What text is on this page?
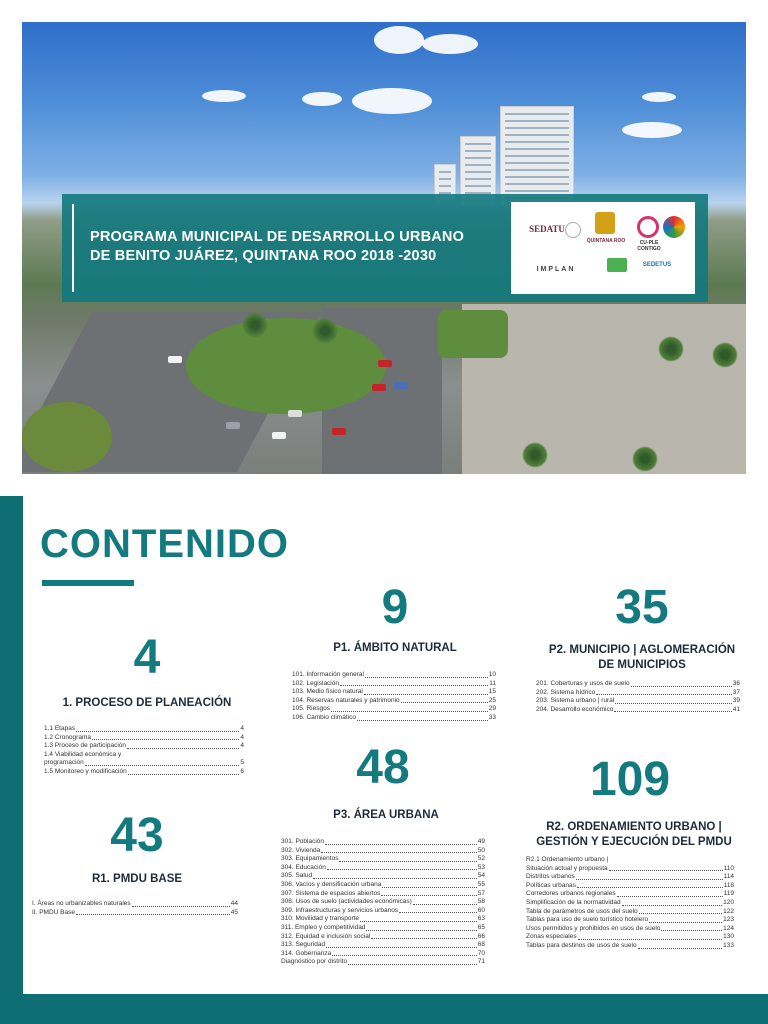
PROGRAMA MUNICIPAL DE DESARROLLO URBANO
DE BENITO JUÁREZ, QUINTANA ROO 2018 -2030
SEDATU
QUINTANA ROO	CU-PLE CONTIGO
IMPLAN
SEDETUS
CONTENIDO
4
1. PROCESO DE PLANEACIÓN
1.1 Etapas	4
1.2 Cronograma	4
1.3 Proceso de participación	4
1.4 Viabilidad económica y
programación	5
1.5 Monitoreo y modificación	6
43
R1. PMDU BASE
I. Áreas no urbanizables naturales	44
II. PMDU Base	45
9
P1. ÁMBITO NATURAL
101. Información general	10
102. Legislación	11
103. Medio físico natural	15
104. Reservas naturales y patrimonio	25
105. Riesgos	29
106. Cambio climático	33
48
P3. ÁREA URBANA
301. Población	49
302. Vivienda	50
303. Equipamientos	52
304. Educación	53
305. Salud	54
306. Vacíos y densificación urbana	55
307. Sistema de espacios abiertos	57
308. Usos de suelo (actividades económicas)	58
309. Infraestructuras y servicios urbanos	60
310. Movilidad y transporte	63
311. Empleo y competitividad	65
312. Equidad e inclusión social	66
313. Seguridad	68
314. Gobernanza	70
Diagnóstico por distrito	71
35
P2. MUNICIPIO | AGLOMERACIÓN
DE MUNICIPIOS
201. Coberturas y usos de suelo	36
202. Sistema hídrico	37
203. Sistema urbano | rural	39
204. Desarrollo económico	41
109
R2. ORDENAMIENTO URBANO |
GESTIÓN Y EJECUCIÓN DEL PMDU
R2.1 Ordenamiento urbano |
Situación actual y propuesta	110
Distritos urbanos	114
Políticas urbanas	118
Corredores urbanos regionales	119
Simplificación de la normatividad	120
Tabla de parámetros de usos del suelo	122
Tablas para uso de suelo turístico hotelero	123
Usos permitidos y prohibidos en usos de suelo	124
Zonas especiales	130
Tablas para destinos de usos de suelo	133
